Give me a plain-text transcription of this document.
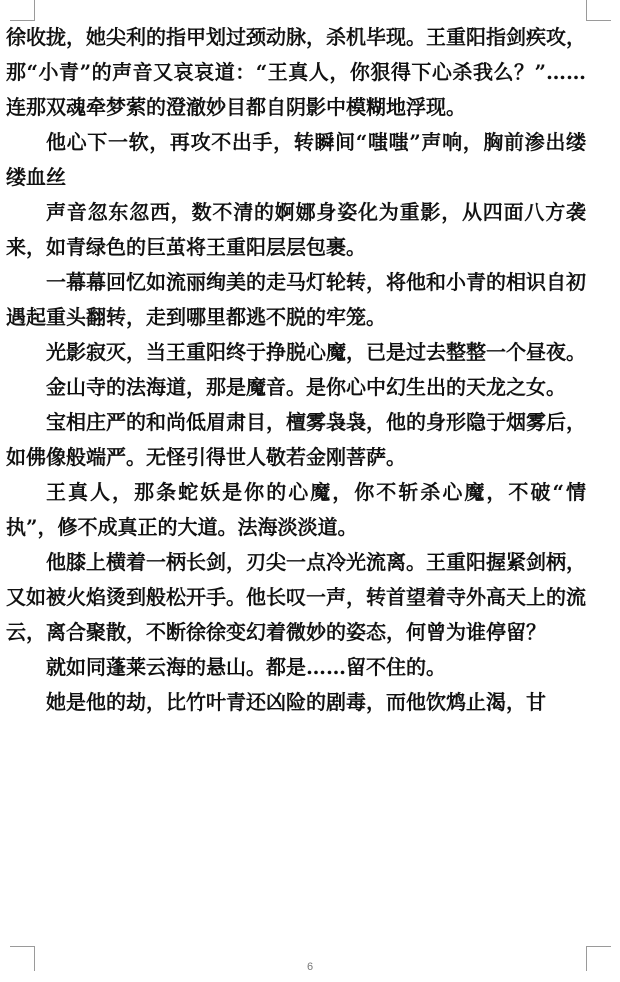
徐收拢，她尖利的指甲划过颈动脉，杀机毕现。王重阳指剑疾攻，那“小青”的声音又哀哀道：“王真人，你狠得下心杀我么？”……连那双魂牵梦萦的澄澈妙目都自阴影中模糊地浮现。

他心下一软，再攻不出手，转瞬间“嗤嗤”声响，胸前渗出缕缕血丝

声音忽东忽西，数不清的婀娜身姿化为重影，从四面八方袭来，如青绿色的巨茧将王重阳层层包裹。

一幕幕回忆如流丽绚美的走马灯轮转，将他和小青的相识自初遇起重头翻转，走到哪里都逃不脱的牢笼。

光影寂灭，当王重阳终于挣脱心魔，已是过去整整一个昼夜。

金山寺的法海道，那是魔音。是你心中幻生出的天龙之女。

宝相庄严的和尚低眉肃目，檀雾袅袅，他的身形隐于烟雾后，如佛像般端严。无怪引得世人敬若金刚菩萨。

王真人，那条蛇妖是你的心魔，你不斩杀心魔，不破“情执”，修不成真正的大道。法海淡淡道。

他膝上横着一柄长剑，刃尖一点冷光流离。王重阳握紧剑柄，又如被火焰烫到般松开手。他长叹一声，转首望着寺外高天上的流云，离合聚散，不断徐徐变幻着微妙的姿态，何曾为谁停留？

就如同蓬莱云海的悬山。都是……留不住的。

她是他的劫，比竹叶青还凶险的剧毒，而他饮鸩止渴，甘

6
